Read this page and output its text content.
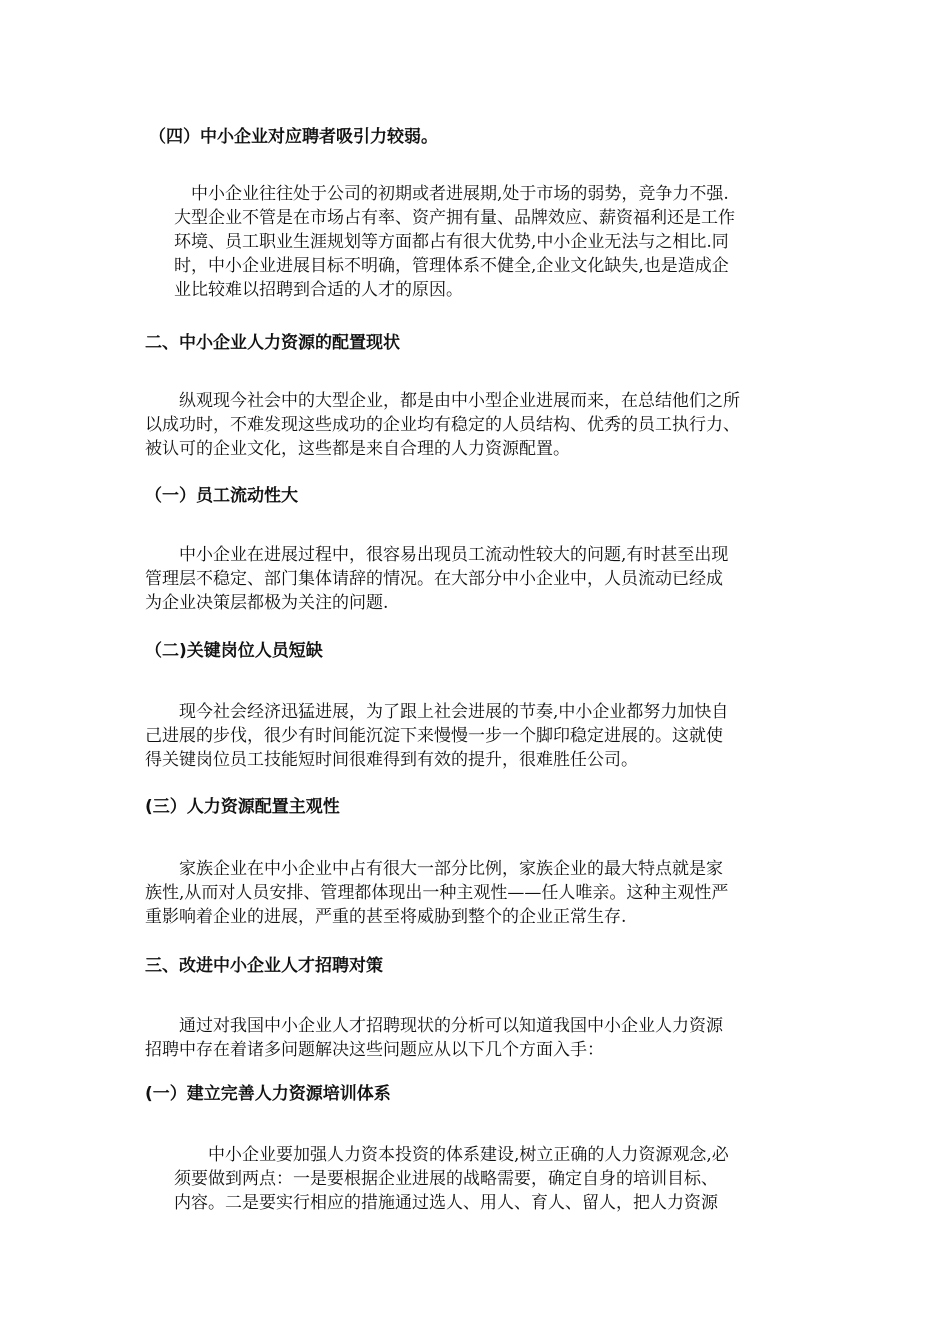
（四）中小企业对应聘者吸引力较弱。

　中小企业往往处于公司的初期或者进展期,处于市场的弱势，竞争力不强.
大型企业不管是在市场占有率、资产拥有量、品牌效应、薪资福利还是工作
环境、员工职业生涯规划等方面都占有很大优势,中小企业无法与之相比.同
时，中小企业进展目标不明确，管理体系不健全,企业文化缺失,也是造成企
业比较难以招聘到合适的人才的原因。

二、中小企业人力资源的配置现状

　　纵观现今社会中的大型企业，都是由中小型企业进展而来，在总结他们之所
以成功时，不难发现这些成功的企业均有稳定的人员结构、优秀的员工执行力、
被认可的企业文化，这些都是来自合理的人力资源配置。

（一）员工流动性大

　　中小企业在进展过程中，很容易出现员工流动性较大的问题,有时甚至出现
管理层不稳定、部门集体请辞的情况。在大部分中小企业中，人员流动已经成
为企业决策层都极为关注的问题.

（二)关键岗位人员短缺

　　现今社会经济迅猛进展，为了跟上社会进展的节奏,中小企业都努力加快自
己进展的步伐，很少有时间能沉淀下来慢慢一步一个脚印稳定进展的。这就使
得关键岗位员工技能短时间很难得到有效的提升，很难胜任公司。

(三）人力资源配置主观性

　　家族企业在中小企业中占有很大一部分比例，家族企业的最大特点就是家
族性,从而对人员安排、管理都体现出一种主观性——任人唯亲。这种主观性严
重影响着企业的进展，严重的甚至将威胁到整个的企业正常生存.

三、改进中小企业人才招聘对策

　　通过对我国中小企业人才招聘现状的分析可以知道我国中小企业人力资源
招聘中存在着诸多问题解决这些问题应从以下几个方面入手：

(一）建立完善人力资源培训体系

　　中小企业要加强人力资本投资的体系建设,树立正确的人力资源观念,必
须要做到两点：一是要根据企业进展的战略需要，确定自身的培训目标、
内容。二是要实行相应的措施通过选人、用人、育人、留人，把人力资源
